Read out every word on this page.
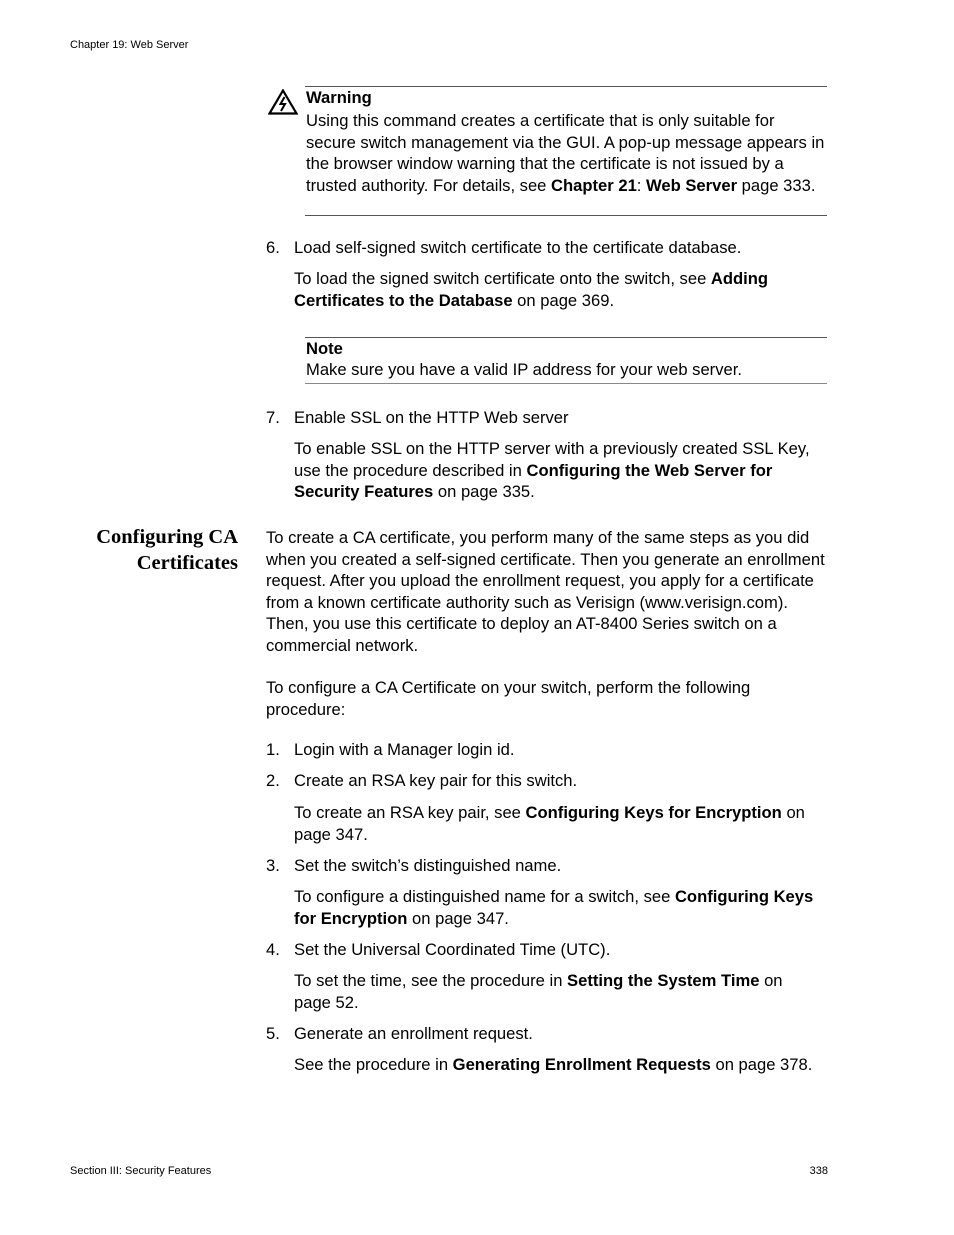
Chapter 19: Web Server
Warning
Using this command creates a certificate that is only suitable for secure switch management via the GUI. A pop-up message appears in the browser window warning that the certificate is not issued by a trusted authority. For details, see Chapter 21: Web Server page 333.
6. Load self-signed switch certificate to the certificate database.
To load the signed switch certificate onto the switch, see Adding Certificates to the Database on page 369.
Note
Make sure you have a valid IP address for your web server.
7. Enable SSL on the HTTP Web server
To enable SSL on the HTTP server with a previously created SSL Key, use the procedure described in Configuring the Web Server for Security Features on page 335.
Configuring CA
Certificates
To create a CA certificate, you perform many of the same steps as you did when you created a self-signed certificate. Then you generate an enrollment request. After you upload the enrollment request, you apply for a certificate from a known certificate authority such as Verisign (www.verisign.com). Then, you use this certificate to deploy an AT-8400 Series switch on a commercial network.
To configure a CA Certificate on your switch, perform the following procedure:
1. Login with a Manager login id.
2. Create an RSA key pair for this switch.
To create an RSA key pair, see Configuring Keys for Encryption on page 347.
3. Set the switch’s distinguished name.
To configure a distinguished name for a switch, see Configuring Keys for Encryption on page 347.
4. Set the Universal Coordinated Time (UTC).
To set the time, see the procedure in Setting the System Time on page 52.
5. Generate an enrollment request.
See the procedure in Generating Enrollment Requests on page 378.
Section III: Security Features	338
